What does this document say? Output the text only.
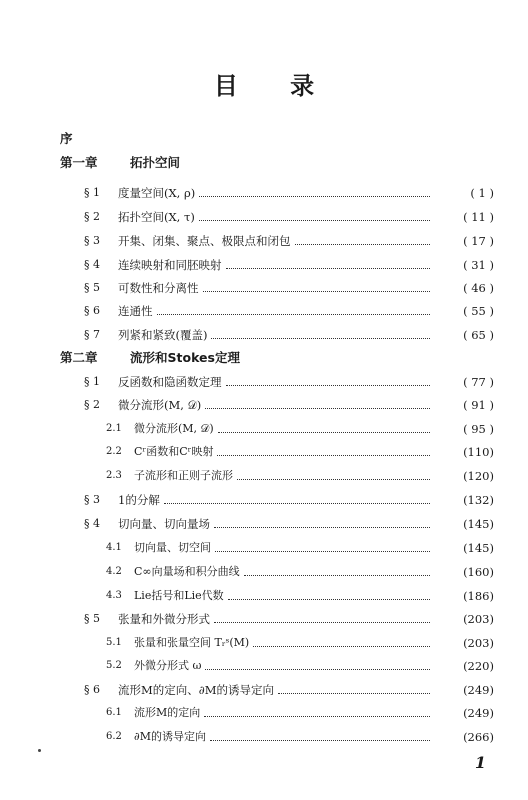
目 录
序
第一章	拓扑空间
§ 1	度量空间(X, ρ)	( 1 )
§ 2	拓扑空间(X, τ)	( 11 )
§ 3	开集、闭集、聚点、极限点和闭包	( 17 )
§ 4	连续映射和同胚映射	( 31 )
§ 5	可数性和分离性	( 46 )
§ 6	连通性	( 55 )
§ 7	列紧和紧致(覆盖)	( 65 )
第二章	流形和Stokes定理
§ 1	反函数和隐函数定理	( 77 )
§ 2	微分流形(M, 𝒟)	( 91 )
2.1	微分流形(M, 𝒟)	( 95 )
2.2	Cʳ函数和Cʳ映射	(110)
2.3	子流形和正则子流形	(120)
§ 3	1的分解	(132)
§ 4	切向量、切向量场	(145)
4.1	切向量、切空间	(145)
4.2	C∞向量场和积分曲线	(160)
4.3	Lie括号和Lie代数	(186)
§ 5	张量和外微分形式	(203)
5.1	张量和张量空间 Tᵣˢ(M)	(203)
5.2	外微分形式 ω	(220)
§ 6	流形M的定向、∂M的诱导定向	(249)
6.1	流形M的定向	(249)
6.2	∂M的诱导定向	(266)
1
